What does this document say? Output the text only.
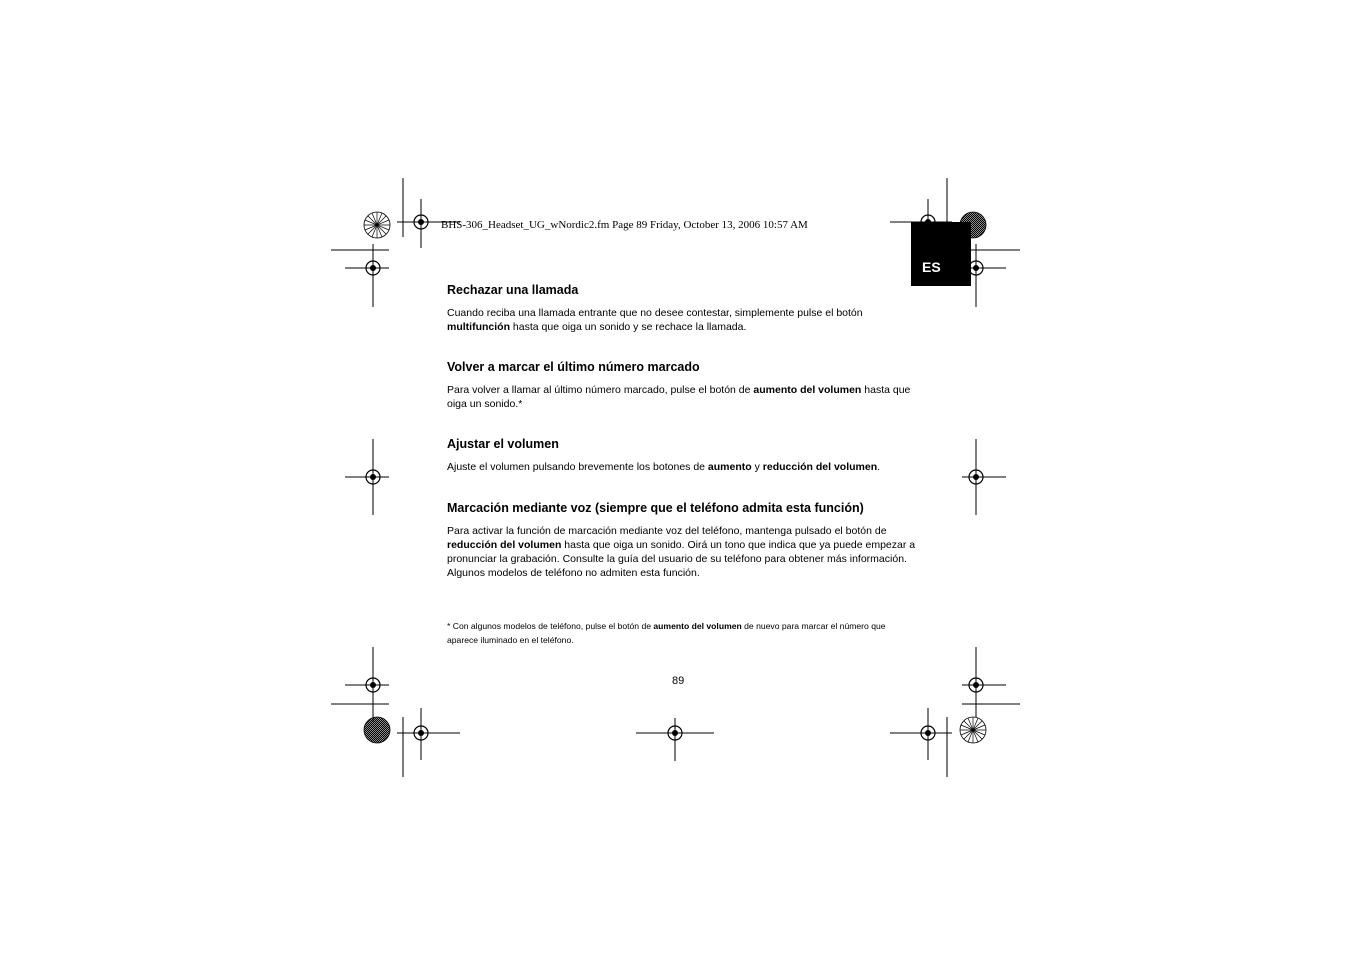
BHS-306_Headset_UG_wNordic2.fm Page 89 Friday, October 13, 2006 10:57 AM
ES
Rechazar una llamada

Cuando reciba una llamada entrante que no desee contestar, simplemente pulse el botón multifunción hasta que oiga un sonido y se rechace la llamada.

Volver a marcar el último número marcado

Para volver a llamar al último número marcado, pulse el botón de aumento del volumen hasta que oiga un sonido.*

Ajustar el volumen

Ajuste el volumen pulsando brevemente los botones de aumento y reducción del volumen.

Marcación mediante voz (siempre que el teléfono admita esta función)

Para activar la función de marcación mediante voz del teléfono, mantenga pulsado el botón de reducción del volumen hasta que oiga un sonido. Oirá un tono que indica que ya puede empezar a pronunciar la grabación. Consulte la guía del usuario de su teléfono para obtener más información. Algunos modelos de teléfono no admiten esta función.

* Con algunos modelos de teléfono, pulse el botón de aumento del volumen de nuevo para marcar el número que aparece iluminado en el teléfono.

89
